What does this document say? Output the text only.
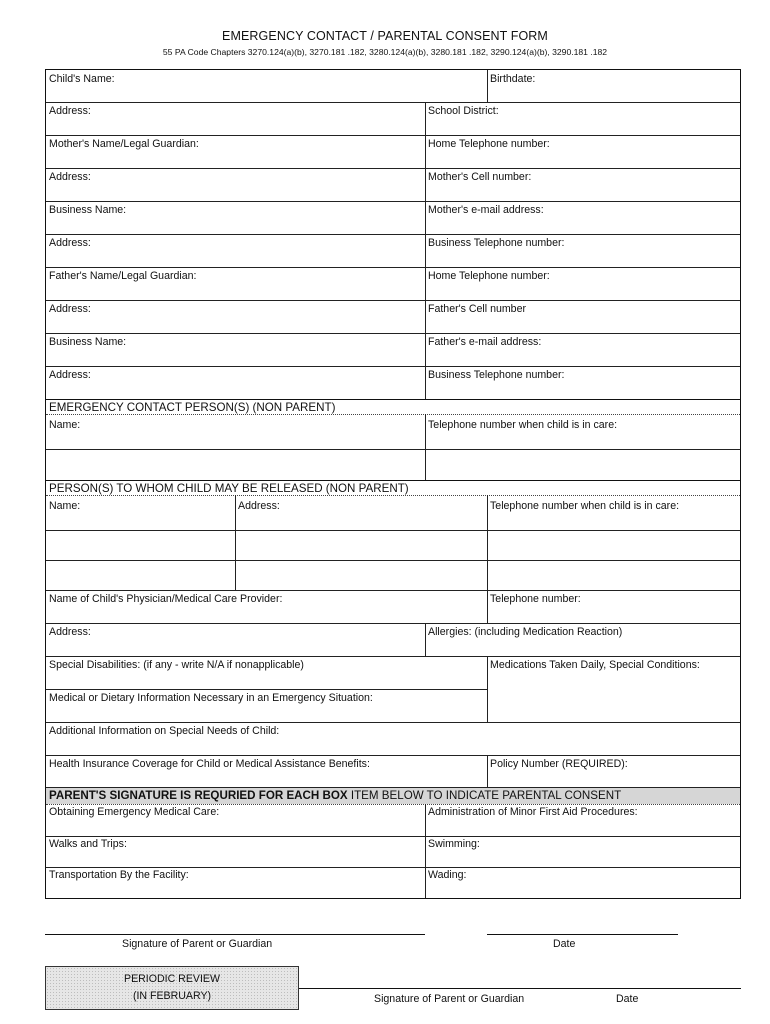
EMERGENCY CONTACT / PARENTAL CONSENT FORM
55 PA Code Chapters 3270.124(a)(b), 3270.181 .182, 3280.124(a)(b), 3280.181 .182, 3290.124(a)(b), 3290.181 .182
Child's Name:	Birthdate:
Address:	School District:
Mother's Name/Legal Guardian:	Home Telephone number:
Address:	Mother's Cell number:
Business Name:	Mother's e-mail address:
Address:	Business Telephone number:
Father's Name/Legal Guardian:	Home Telephone number:
Address:	Father's Cell number
Business Name:	Father's e-mail address:
Address:	Business Telephone number:
EMERGENCY CONTACT PERSON(S) (NON PARENT)
Name:	Telephone number when child is in care:
PERSON(S) TO WHOM CHILD MAY BE RELEASED (NON PARENT)
Name:	Address:	Telephone number when child is in care:
Name of Child's Physician/Medical Care Provider:	Telephone number:
Address:	Allergies: (including Medication Reaction)
Special Disabilities: (if any - write N/A if nonapplicable)	Medications Taken Daily, Special Conditions:
Medical or Dietary Information Necessary in an Emergency Situation:
Additional Information on Special Needs of Child:
Health Insurance Coverage for Child or Medical Assistance Benefits:	Policy Number (REQUIRED):
PARENT'S SIGNATURE IS REQURIED FOR EACH BOX ITEM BELOW TO INDICATE PARENTAL CONSENT
Obtaining Emergency Medical Care:	Administration of Minor First Aid Procedures:
Walks and Trips:	Swimming:
Transportation By the Facility:	Wading:
Signature of Parent or Guardian	Date
PERIODIC REVIEW
(IN FEBRUARY)	Signature of Parent or Guardian	Date
